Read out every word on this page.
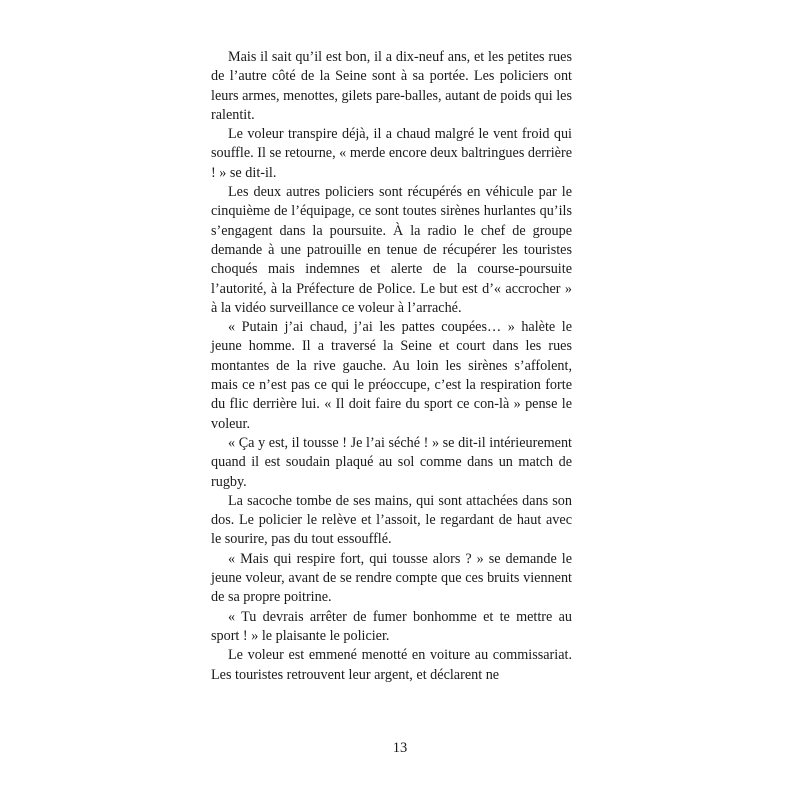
Mais il sait qu’il est bon, il a dix-neuf ans, et les petites rues de l’autre côté de la Seine sont à sa portée. Les policiers ont leurs armes, menottes, gilets pare-balles, autant de poids qui les ralentit.

Le voleur transpire déjà, il a chaud malgré le vent froid qui souffle. Il se retourne, « merde encore deux baltringues derrière ! » se dit-il.

Les deux autres policiers sont récupérés en véhicule par le cinquième de l’équipage, ce sont toutes sirènes hurlantes qu’ils s’engagent dans la poursuite. À la radio le chef de groupe demande à une patrouille en tenue de récupérer les touristes choqués mais indemnes et alerte de la course-poursuite l’autorité, à la Préfecture de Police. Le but est d’« accrocher » à la vidéo surveillance ce voleur à l’arraché.

« Putain j’ai chaud, j’ai les pattes coupées… » halète le jeune homme. Il a traversé la Seine et court dans les rues montantes de la rive gauche. Au loin les sirènes s’affolent, mais ce n’est pas ce qui le préoccupe, c’est la respiration forte du flic derrière lui. « Il doit faire du sport ce con-là » pense le voleur.

« Ça y est, il tousse ! Je l’ai séché ! » se dit-il intérieurement quand il est soudain plaqué au sol comme dans un match de rugby.

La sacoche tombe de ses mains, qui sont attachées dans son dos. Le policier le relève et l’assoit, le regardant de haut avec le sourire, pas du tout essoufflé.

« Mais qui respire fort, qui tousse alors ? » se demande le jeune voleur, avant de se rendre compte que ces bruits viennent de sa propre poitrine.

« Tu devrais arrêter de fumer bonhomme et te mettre au sport ! » le plaisante le policier.

Le voleur est emmené menotté en voiture au commissariat. Les touristes retrouvent leur argent, et déclarent ne

13
